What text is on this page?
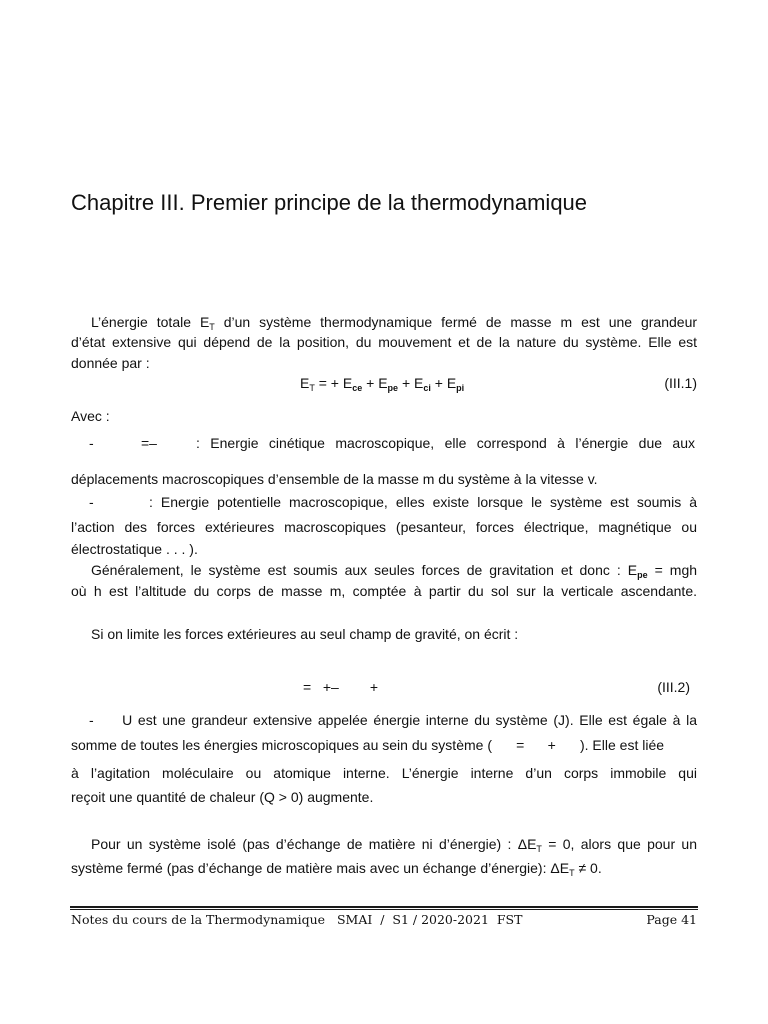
Chapitre III. Premier principe de la thermodynamique
L’énergie totale $E_T$ d’un système thermodynamique fermé de masse m est une grandeur
d’état extensive qui dépend de la position, du mouvement et de la nature du système. Elle est
donnée par :
$E_T$ = + $E_{ce} + E_{pe} + E_{ci} + E_{pi}$	(III.1)
Avec :
-	=–	: Energie cinétique macroscopique, elle correspond à l’énergie due aux
déplacements macroscopiques d’ensemble de la masse m du système à la vitesse v.
-	: Energie potentielle macroscopique, elles existe lorsque le système est soumis à
l’action des forces extérieures macroscopiques (pesanteur, forces électrique, magnétique ou
électrostatique . . . ).
Généralement, le système est soumis aux seules forces de gravitation et donc : $E_{pe}$ = mgh
où h est l’altitude du corps de masse m, comptée à partir du sol sur la verticale ascendante.
Si on limite les forces extérieures au seul champ de gravité, on écrit :
=   +–        +	(III.2)
-     U est une grandeur extensive appelée énergie interne du système (J). Elle est égale à la
somme de toutes les énergies microscopiques au sein du système ( =      + ). Elle est liée
à l’agitation moléculaire ou atomique interne. L’énergie interne d’un corps immobile qui
reçoit une quantité de chaleur (Q > 0) augmente.
Pour un système isolé (pas d’échange de matière ni d’énergie) : $\Delta E_T = 0$, alors que pour un
système fermé (pas d’échange de matière mais avec un échange d’énergie): $\Delta E_T \ne 0$.
Notes du cours de la Thermodynamique   SMAI  /  S1 / 2020-2021  FST	Page 41
